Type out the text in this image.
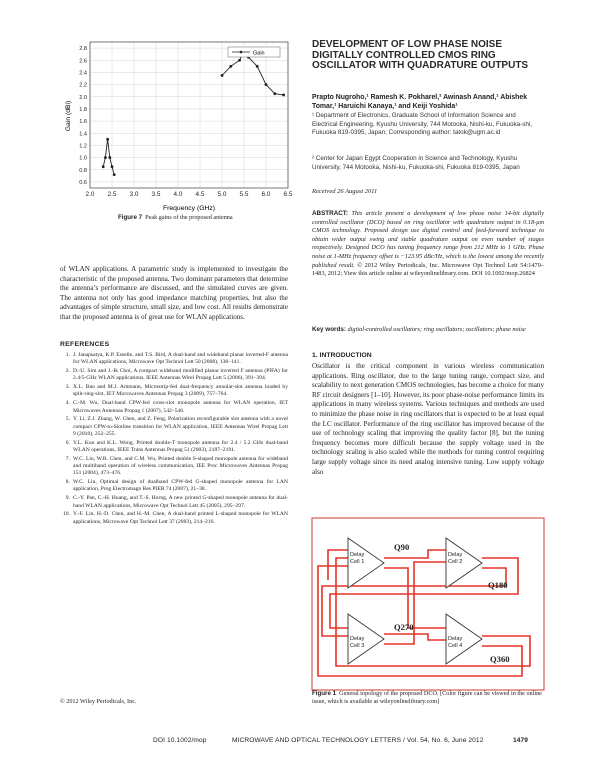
2.0 2.5 3.0 3.5 4.0 4.5 5.0 5.5 6.0 6.5
0.6
0.8
1.0
1.2
1.4
1.6
1.8
2.0
2.2
2.4
2.6
2.8
Frequency (GHz)
Gain (dBi)
Gain
Figure 7 Peak gains of the proposed antenna

of WLAN applications. A parametric study is implemented to investigate the characteristic of the proposed antenna. Two dominant parameters that determine the antenna’s performance are discussed, and the simulated curves are given. The antenna not only has good impedance matching properties, but also the advantages of simple structure, small size, and low cost. All results demonstrate that the proposed antenna is of great use for WLAN applications.

REFERENCES
1. J. Janapsatya, K.P. Esselle, and T.S. Bird, A dual-band and wideband planar inverted-F antenna for WLAN applications, Microwave Opt Technol Lett 50 (2008), 138–141.
2. D.-U. Sim and J.-Ik Choi, A compact wideband modified planar inverted F antenna (PIFA) for 2.4/5-GHz WLAN applications, IEEE Antennas Wirel Propag Lett 5 (2006), 391–394.
3. X.L. Bao and M.J. Ammann, Microstrip-fed dual-frequency annular-slot antenna loaded by split-ring-slot, IET Microwaves Antennas Propag 3 (2009), 757–764.
4. C.-M. Wu, Dual-band CPW-fed cross-slot monopole antenna for WLAN operation, IET Microwaves Antennas Propag 1 (2007), 542–546.
5. Y. Li, Z.J. Zhang, W. Chen, and Z. Feng, Polarization reconfigurable slot antenna with a novel compact CPW-to-Slotline transition for WLAN application, IEEE Antennas Wirel Propag Lett 9 (2010), 252–255.
6. Y.L. Kuo and K.L. Wong, Printed double-T monopole antenna for 2.4 / 5.2 GHz dual-band WLAN operations, IEEE Trans Antennas Propag 51 (2003), 2187–2191.
7. W.C. Liu, W.R. Chen, and C.M. Wu, Printed double S-shaped monopole antenna for wideband and multiband operation of wireless communication, IEE Proc Microwaves Antennas Propag 151 (2004), 473–476.
8. W.C. Liu, Optimal design of dualband CPW-fed G-shaped monopole antenna for LAN application, Prog Electromagn Res PIER 74 (2007), 21–38.
9. C.-Y. Pan, C.-H. Huang, and T.-S. Horng, A new printed G-shaped monopole antenna for dual-band WLAN applications, Microwave Opt Technol Lett 45 (2005), 295–297.
10. Y.-F. Lin, H.-D. Chen, and H.-M. Chen, A dual-band printed L-shaped monopole for WLAN applications, Microwave Opt Technol Lett 37 (2003), 214–216.
© 2012 Wiley Periodicals, Inc.
DEVELOPMENT OF LOW PHASE NOISE DIGITALLY CONTROLLED CMOS RING OSCILLATOR WITH QUADRATURE OUTPUTS
Prapto Nugroho,¹ Ramesh K. Pokharel,² Awinash Anand,¹ Abishek Tomar,¹ Haruichi Kanaya,¹ and Keiji Yoshida¹
¹ Department of Electronics, Graduate School of Information Science and Electrical Engineering, Kyushu University, 744 Motooka, Nishi-ku, Fukuoka-shi, Fukuoka 819-0395, Japan; Corresponding author: tatok@ugm.ac.id
² Center for Japan Egypt Cooperation in Science and Technology, Kyushu University, 744 Motooka, Nishi-ku, Fukuoka-shi, Fukuoka 819-0395, Japan
Received 26 August 2011

ABSTRACT: This article present a development of low phase noise 14-bit digitally controlled oscillator (DCO) based on ring oscillator with quadrature output in 0.18-μm CMOS technology. Proposed design use digital control and feed-forward technique to obtain wider output swing and stable quadrature output on even number of stages respectively. Designed DCO has tuning frequency range from 212 MHz to 1 GHz. Phase noise at 1-MHz frequency offset is −123.95 dBc/Hz, which is the lowest among the recently published result. © 2012 Wiley Periodicals, Inc. Microwave Opt Technol Lett 54:1479–1483, 2012; View this article online at wileyonlinelibrary.com. DOI 10.1002/mop.26824

Key words: digital-controlled oscillators; ring oscillators; oscillators; phase noise

1. INTRODUCTION

Oscillator is the critical component in various wireless communication applications. Ring oscillator, due to the large tuning range, compact size, and scalability to next generation CMOS technologies, has become a choice for many RF circuit designers [1–10]. However, its poor phase-noise performance limits its applications in many wireless systems. Various techniques and methods are used to minimize the phase noise in ring oscillators that is expected to be at least equal the LC oscillator. Performance of the ring oscillator has improved because of the use of technology scaling that improving the quality factor [8], but the tuning frequency becomes more difficult because the supply voltage used in the technology scaling is also scaled while the methods for tuning control requiring large supply voltage since its need analog intensive tuning. Low supply voltage also

Delay
Cell 1
Delay
Cell 2
Delay
Cell 3
Delay
Cell 4
Q90
Q180
Q270
Q360
Figure 1 General topology of the proposed DCO. [Color figure can be viewed in the online issue, which is available at wileyonlinelibrary.com]
DOI 10.1002/mop	MICROWAVE AND OPTICAL TECHNOLOGY LETTERS / Vol. 54, No. 6, June 2012	1479
